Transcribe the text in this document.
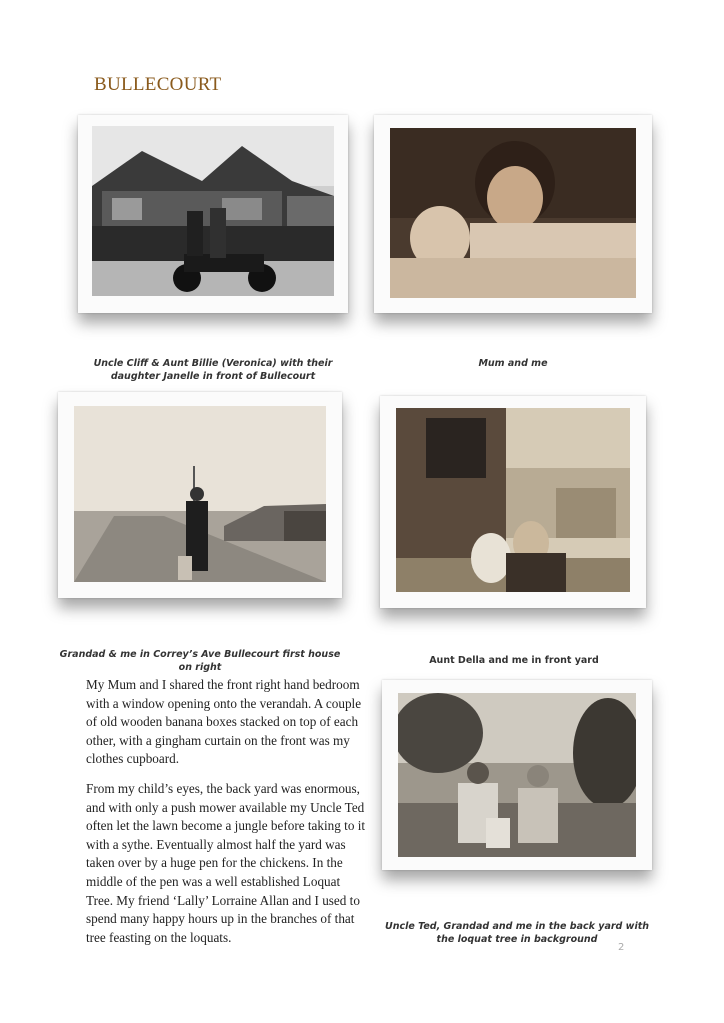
BULLECOURT
Uncle Cliff & Aunt Billie (Veronica) with their daughter Janelle in front of Bullecourt
Mum and me
Grandad & me in Correy’s Ave Bullecourt first house on right
Aunt Della and me in front yard
Uncle Ted, Grandad and me in the back yard with the loquat tree in background

My Mum and I shared the front right hand bedroom with a window opening onto the verandah. A couple of old wooden banana boxes stacked on top of each other, with a gingham curtain on the front was my clothes cupboard.

From my child’s eyes, the back yard was enormous, and with only a push mower available my Uncle Ted often let the lawn become a jungle before taking to it with a sythe. Eventually almost half the yard was taken over by a huge pen for the chickens. In the middle of the pen was a well established Loquat Tree. My friend ‘Lally’ Lorraine Allan and I used to spend many happy hours up in the branches of that tree feasting on the loquats.

2
